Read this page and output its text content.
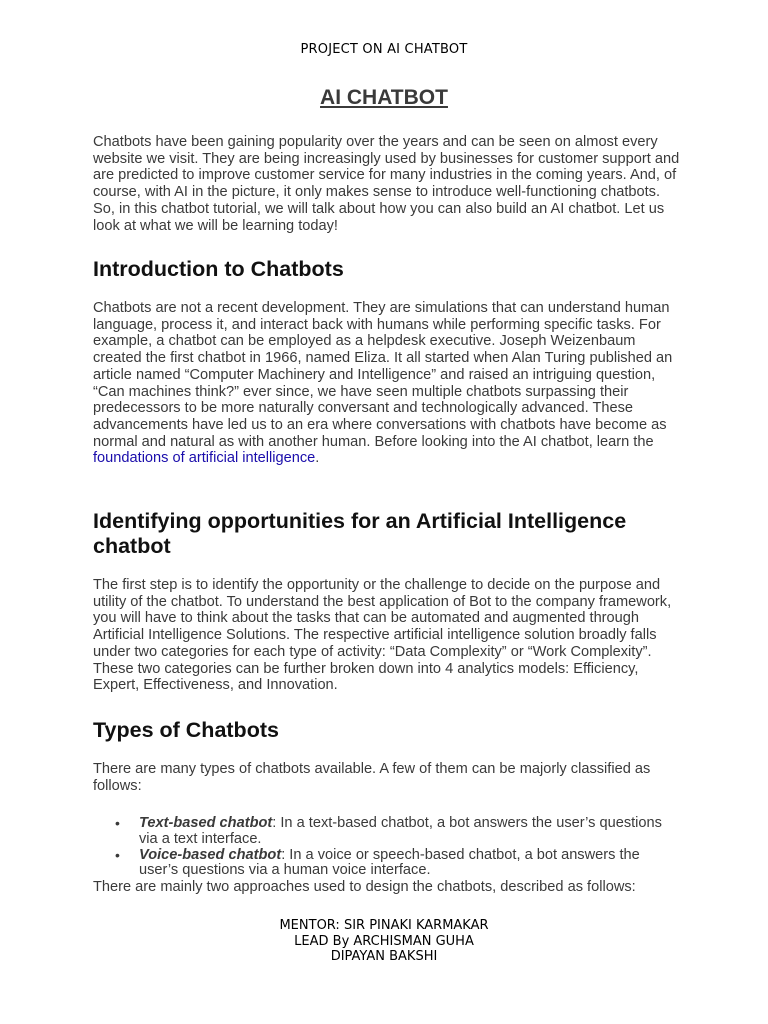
PROJECT ON AI CHATBOT
AI CHATBOT

Chatbots have been gaining popularity over the years and can be seen on almost every website we visit. They are being increasingly used by businesses for customer support and are predicted to improve customer service for many industries in the coming years. And, of course, with AI in the picture, it only makes sense to introduce well-functioning chatbots. So, in this chatbot tutorial, we will talk about how you can also build an AI chatbot. Let us look at what we will be learning today!

Introduction to Chatbots

Chatbots are not a recent development. They are simulations that can understand human language, process it, and interact back with humans while performing specific tasks. For example, a chatbot can be employed as a helpdesk executive. Joseph Weizenbaum created the first chatbot in 1966, named Eliza. It all started when Alan Turing published an article named “Computer Machinery and Intelligence” and raised an intriguing question, “Can machines think?” ever since, we have seen multiple chatbots surpassing their predecessors to be more naturally conversant and technologically advanced. These advancements have led us to an era where conversations with chatbots have become as normal and natural as with another human. Before looking into the AI chatbot, learn the foundations of artificial intelligence.

Identifying opportunities for an Artificial Intelligence chatbot

The first step is to identify the opportunity or the challenge to decide on the purpose and utility of the chatbot. To understand the best application of Bot to the company framework, you will have to think about the tasks that can be automated and augmented through Artificial Intelligence Solutions. The respective artificial intelligence solution broadly falls under two categories for each type of activity: “Data Complexity” or “Work Complexity”. These two categories can be further broken down into 4 analytics models: Efficiency, Expert, Effectiveness, and Innovation.

Types of Chatbots

There are many types of chatbots available. A few of them can be majorly classified as follows:

• Text-based chatbot: In a text-based chatbot, a bot answers the user’s questions via a text interface.
• Voice-based chatbot: In a voice or speech-based chatbot, a bot answers the user’s questions via a human voice interface.

There are mainly two approaches used to design the chatbots, described as follows:

MENTOR: SIR PINAKI KARMAKAR
LEAD By ARCHISMAN GUHA
DIPAYAN BAKSHI
